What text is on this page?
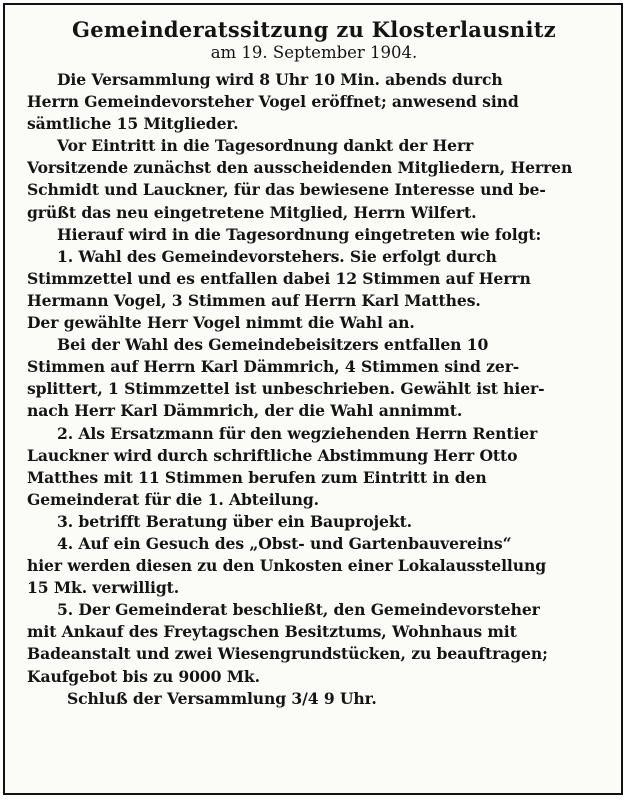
Gemeinderatssitzung zu Klosterlausnitz
am 19. September 1904.
Die Versammlung wird 8 Uhr 10 Min. abends durch
Herrn Gemeindevorsteher Vogel eröffnet; anwesend sind
sämtliche 15 Mitglieder.
Vor Eintritt in die Tagesordnung dankt der Herr
Vorsitzende zunächst den ausscheidenden Mitgliedern, Herren
Schmidt und Lauckner, für das bewiesene Interesse und be-
grüßt das neu eingetretene Mitglied, Herrn Wilfert.
Hierauf wird in die Tagesordnung eingetreten wie folgt:
1. Wahl des Gemeindevorstehers. Sie erfolgt durch
Stimmzettel und es entfallen dabei 12 Stimmen auf Herrn
Hermann Vogel, 3 Stimmen auf Herrn Karl Matthes.
Der gewählte Herr Vogel nimmt die Wahl an.
Bei der Wahl des Gemeindebeisitzers entfallen 10
Stimmen auf Herrn Karl Dämmrich, 4 Stimmen sind zer-
splittert, 1 Stimmzettel ist unbeschrieben. Gewählt ist hier-
nach Herr Karl Dämmrich, der die Wahl annimmt.
2. Als Ersatzmann für den wegziehenden Herrn Rentier
Lauckner wird durch schriftliche Abstimmung Herr Otto
Matthes mit 11 Stimmen berufen zum Eintritt in den
Gemeinderat für die 1. Abteilung.
3. betrifft Beratung über ein Bauprojekt.
4. Auf ein Gesuch des „Obst- und Gartenbauvereins“
hier werden diesen zu den Unkosten einer Lokalausstellung
15 Mk. verwilligt.
5. Der Gemeinderat beschließt, den Gemeindevorsteher
mit Ankauf des Freytagschen Besitztums, Wohnhaus mit
Badeanstalt und zwei Wiesengrundstücken, zu beauftragen;
Kaufgebot bis zu 9000 Mk.
Schluß der Versammlung 3/4 9 Uhr.
